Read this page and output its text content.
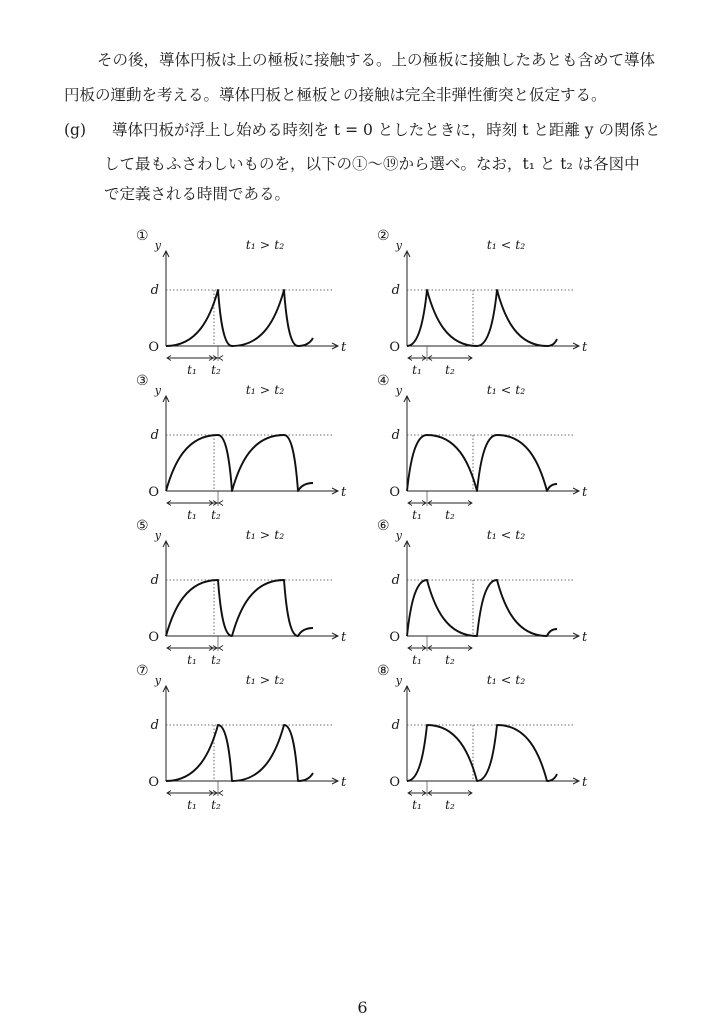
その後，導体円板は上の極板に接触する。上の極板に接触したあとも含めて導体
円板の運動を考える。導体円板と極板との接触は完全非弾性衝突と仮定する。
(g) 導体円板が浮上し始める時刻を t = 0 としたときに，時刻 t と距離 y の関係と
して最もふさわしいものを，以下の①～⑲から選べ。なお，t₁ と t₂ は各図中
で定義される時間である。
①
y
d
O	t
t₁ t₂
t₁ > t₂
②
y
d
O	t
t₁ t₂
t₁ < t₂
③
y
d
O	t
t₁ t₂
t₁ > t₂
④
y
d
O	t
t₁ t₂
t₁ < t₂
⑤
y
d
O	t
t₁ t₂
t₁ > t₂
⑥
y
d
O	t
t₁ t₂
t₁ < t₂
⑦
y
d
O	t
t₁ t₂
t₁ > t₂
⑧
y
d
O	t
t₁ t₂
t₁ < t₂
6
